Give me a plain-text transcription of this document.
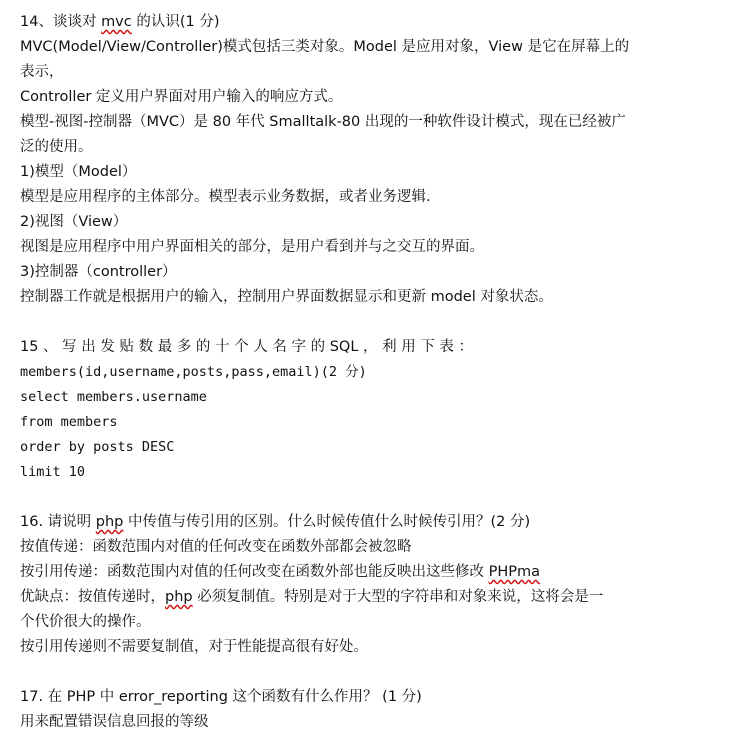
14、谈谈对 mvc 的认识(1 分)
MVC(Model/View/Controller)模式包括三类对象。Model 是应用对象，View 是它在屏幕上的
表示，
Controller 定义用户界面对用户输入的响应方式。
模型-视图-控制器（MVC）是 80 年代 Smalltalk-80 出现的一种软件设计模式，现在已经被广
泛的使用。
1)模型（Model）
模型是应用程序的主体部分。模型表示业务数据，或者业务逻辑.
2)视图（View）
视图是应用程序中用户界面相关的部分，是用户看到并与之交互的界面。
3)控制器（controller）
控制器工作就是根据用户的输入，控制用户界面数据显示和更新 model 对象状态。
15 、 写 出 发 贴 数 最 多 的 十 个 人 名 字 的 SQL ， 利 用 下 表 ：
members(id,username,posts,pass,email)(2 分)
select members.username
from members
order by posts DESC
limit 10
16. 请说明 php 中传值与传引用的区别。什么时候传值什么时候传引用？(2 分)
按值传递：函数范围内对值的任何改变在函数外部都会被忽略
按引用传递：函数范围内对值的任何改变在函数外部也能反映出这些修改 PHPma
优缺点：按值传递时，php 必须复制值。特别是对于大型的字符串和对象来说，这将会是一
个代价很大的操作。
按引用传递则不需要复制值，对于性能提高很有好处。
17. 在 PHP 中 error_reporting 这个函数有什么作用？ (1 分)
用来配置错误信息回报的等级
